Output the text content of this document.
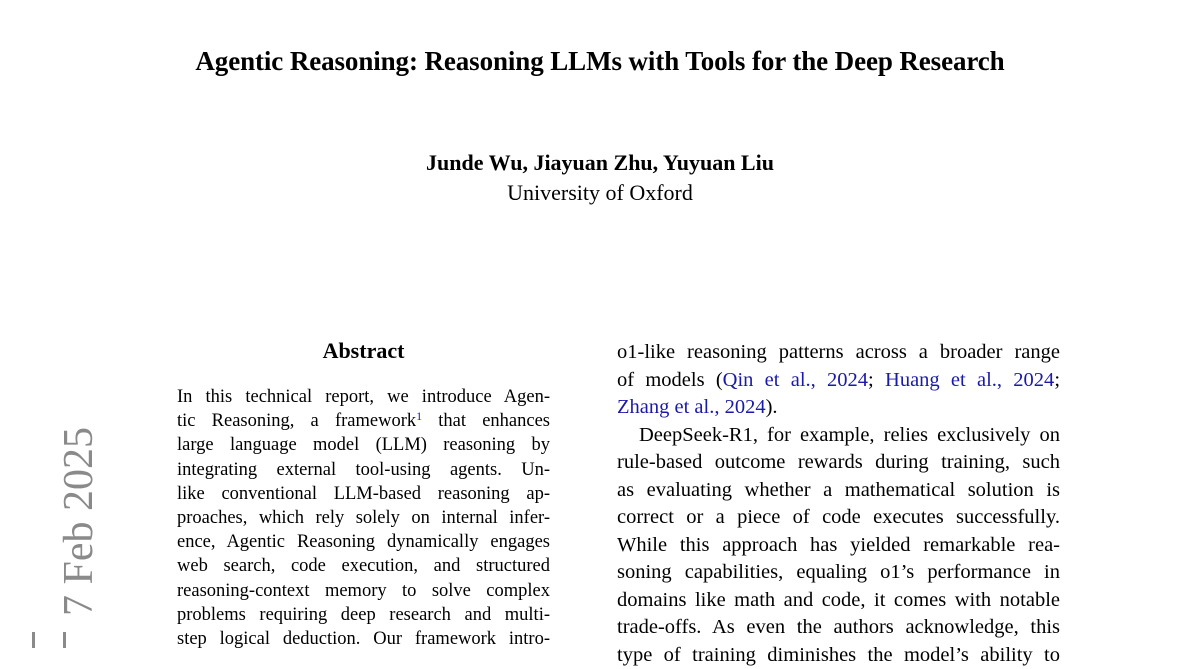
Agentic Reasoning: Reasoning LLMs with Tools for the Deep Research
Junde Wu, Jiayuan Zhu, Yuyuan Liu
University of Oxford
7 Feb 2025
Abstract
In this technical report, we introduce Agen-
tic Reasoning, a framework$^1$ that enhances
large language model (LLM) reasoning by
integrating external tool-using agents. Un-
like conventional LLM-based reasoning ap-
proaches, which rely solely on internal infer-
ence, Agentic Reasoning dynamically engages
web search, code execution, and structured
reasoning-context memory to solve complex
problems requiring deep research and multi-
step logical deduction. Our framework intro-
o1-like reasoning patterns across a broader range
of models (Qin et al., 2024; Huang et al., 2024;
Zhang et al., 2024).
DeepSeek-R1, for example, relies exclusively on
rule-based outcome rewards during training, such
as evaluating whether a mathematical solution is
correct or a piece of code executes successfully.
While this approach has yielded remarkable rea-
soning capabilities, equaling o1’s performance in
domains like math and code, it comes with notable
trade-offs. As even the authors acknowledge, this
type of training diminishes the model’s ability to
